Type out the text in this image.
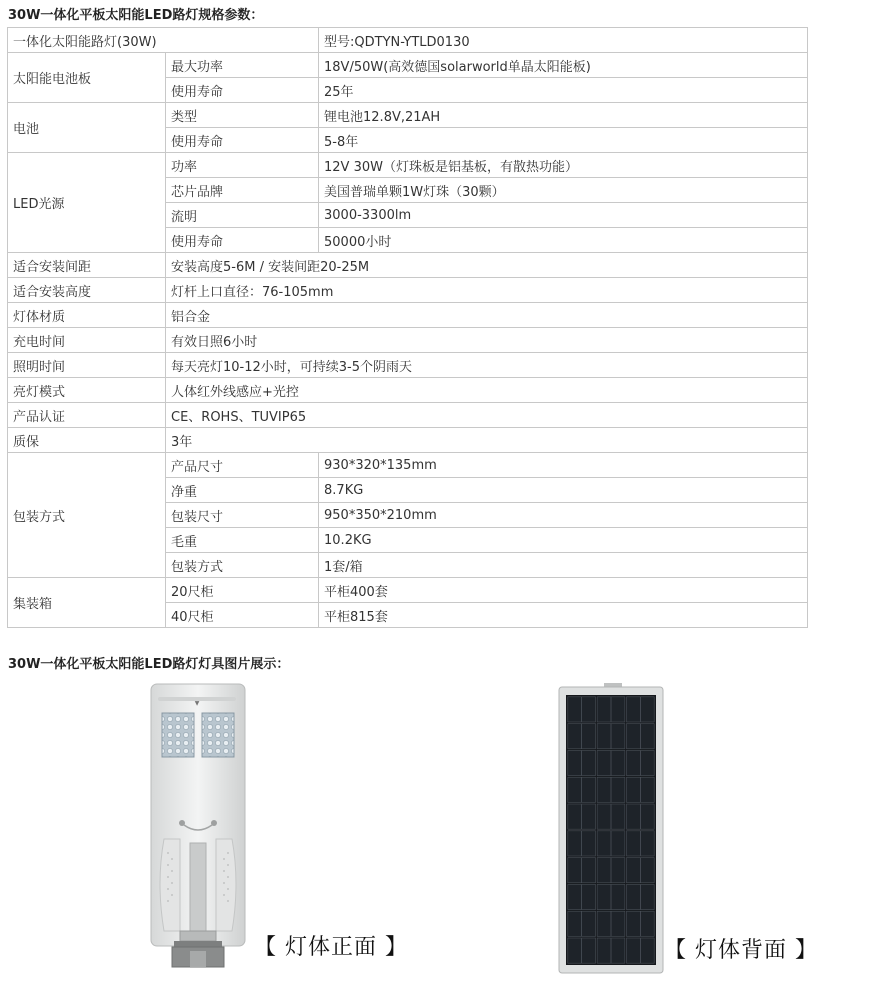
30W一体化平板太阳能LED路灯规格参数：
一体化太阳能路灯(30W)		型号:QDTYN-YTLD0130
太阳能电池板	最大功率	18V/50W(高效德国solarworld单晶太阳能板)
	使用寿命	25年
电池	类型	锂电池12.8V,21AH
	使用寿命	5-8年
LED光源	功率	12V 30W（灯珠板是铝基板，有散热功能）
	芯片品牌	美国普瑞单颗1W灯珠（30颗）
	流明	3000-3300lm
	使用寿命	50000小时
适合安装间距	安装高度5-6M / 安装间距20-25M	
适合安装高度	灯杆上口直径：76-105mm	
灯体材质	铝合金	
充电时间	有效日照6小时	
照明时间	每天亮灯10-12小时，可持续3-5个阴雨天	
亮灯模式	人体红外线感应+光控	
产品认证	CE、ROHS、TUVIP65	
质保	3年	
包装方式	产品尺寸	930*320*135mm
	净重	8.7KG
	包装尺寸	950*350*210mm
	毛重	10.2KG
	包装方式	1套/箱
集装箱	20尺柜	平柜400套
	40尺柜	平柜815套
30W一体化平板太阳能LED路灯灯具图片展示：
▼
【 灯体正面 】	【 灯体背面 】
